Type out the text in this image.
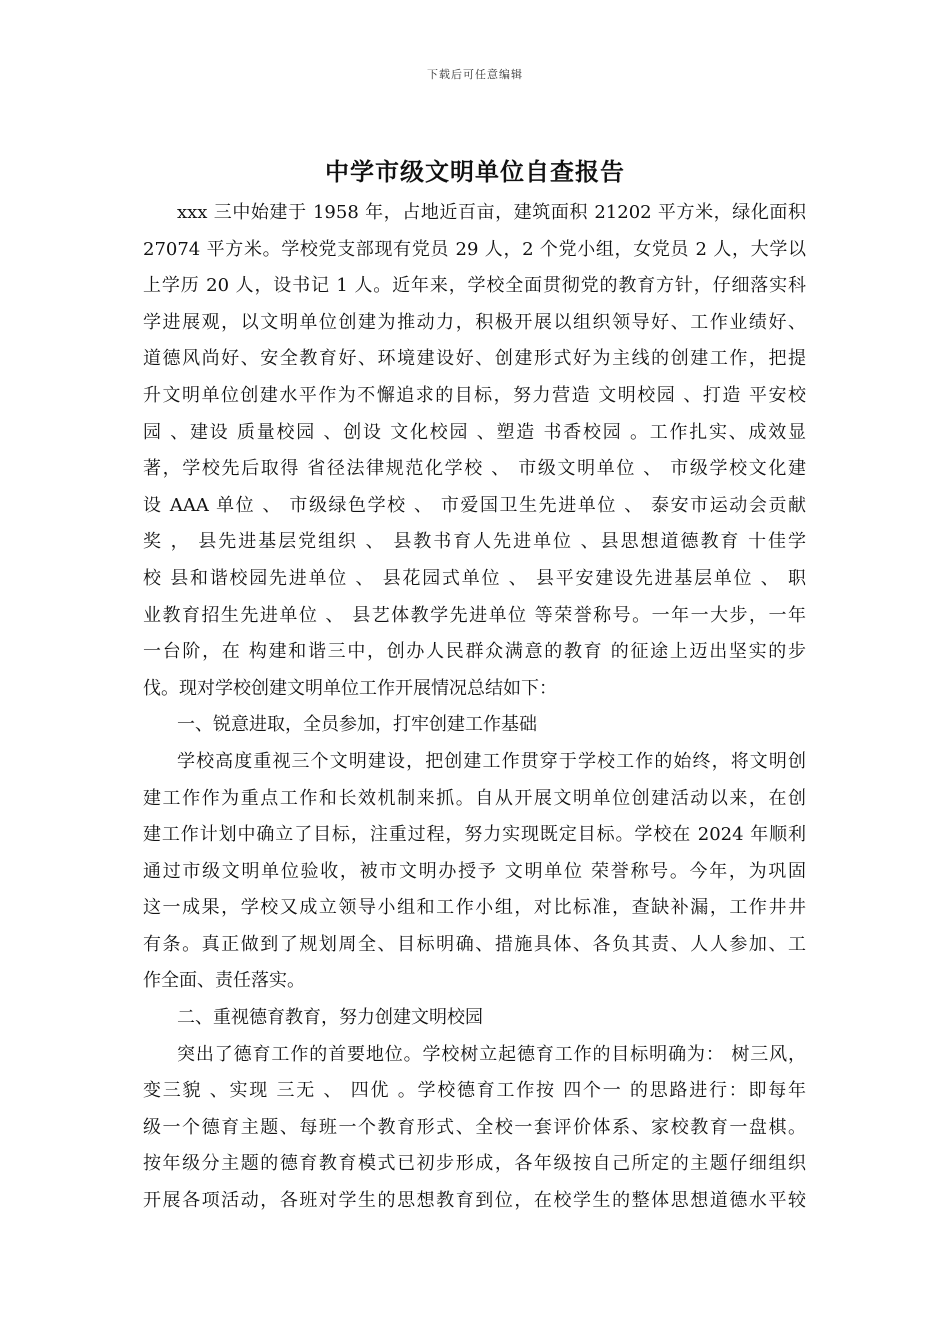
下载后可任意编辑
中学市级文明单位自查报告
xxx 三中始建于 1958 年，占地近百亩，建筑面积 21202 平方米，绿化面积
27074 平方米。学校党支部现有党员 29 人，2 个党小组，女党员 2 人，大学以
上学历 20 人，设书记 1 人。近年来，学校全面贯彻党的教育方针，仔细落实科
学进展观，以文明单位创建为推动力，积极开展以组织领导好、工作业绩好、
道德风尚好、安全教育好、环境建设好、创建形式好为主线的创建工作，把提
升文明单位创建水平作为不懈追求的目标，努力营造 文明校园 、打造 平安校
园 、建设 质量校园 、创设 文化校园 、塑造 书香校园 。工作扎实、成效显
著，学校先后取得 省径法律规范化学校 、 市级文明单位 、 市级学校文化建
设 AAA 单位 、 市级绿色学校 、 市爱国卫生先进单位 、 泰安市运动会贡献
奖 ， 县先进基层党组织 、 县教书育人先进单位 、县思想道德教育 十佳学
校 县和谐校园先进单位 、 县花园式单位 、 县平安建设先进基层单位 、 职
业教育招生先进单位 、 县艺体教学先进单位 等荣誉称号。一年一大步，一年
一台阶，在 构建和谐三中，创办人民群众满意的教育 的征途上迈出坚实的步
伐。现对学校创建文明单位工作开展情况总结如下：
一、锐意进取，全员参加，打牢创建工作基础
学校高度重视三个文明建设，把创建工作贯穿于学校工作的始终，将文明创
建工作作为重点工作和长效机制来抓。自从开展文明单位创建活动以来，在创
建工作计划中确立了目标，注重过程，努力实现既定目标。学校在 2024 年顺利
通过市级文明单位验收，被市文明办授予 文明单位 荣誉称号。今年，为巩固
这一成果，学校又成立领导小组和工作小组，对比标准，查缺补漏，工作井井
有条。真正做到了规划周全、目标明确、措施具体、各负其责、人人参加、工
作全面、责任落实。
二、重视德育教育，努力创建文明校园
突出了德育工作的首要地位。学校树立起德育工作的目标明确为： 树三风，
变三貌 、实现 三无 、 四优 。学校德育工作按 四个一 的思路进行：即每年
级一个德育主题、每班一个教育形式、全校一套评价体系、家校教育一盘棋。
按年级分主题的德育教育模式已初步形成，各年级按自己所定的主题仔细组织
开展各项活动，各班对学生的思想教育到位，在校学生的整体思想道德水平较
